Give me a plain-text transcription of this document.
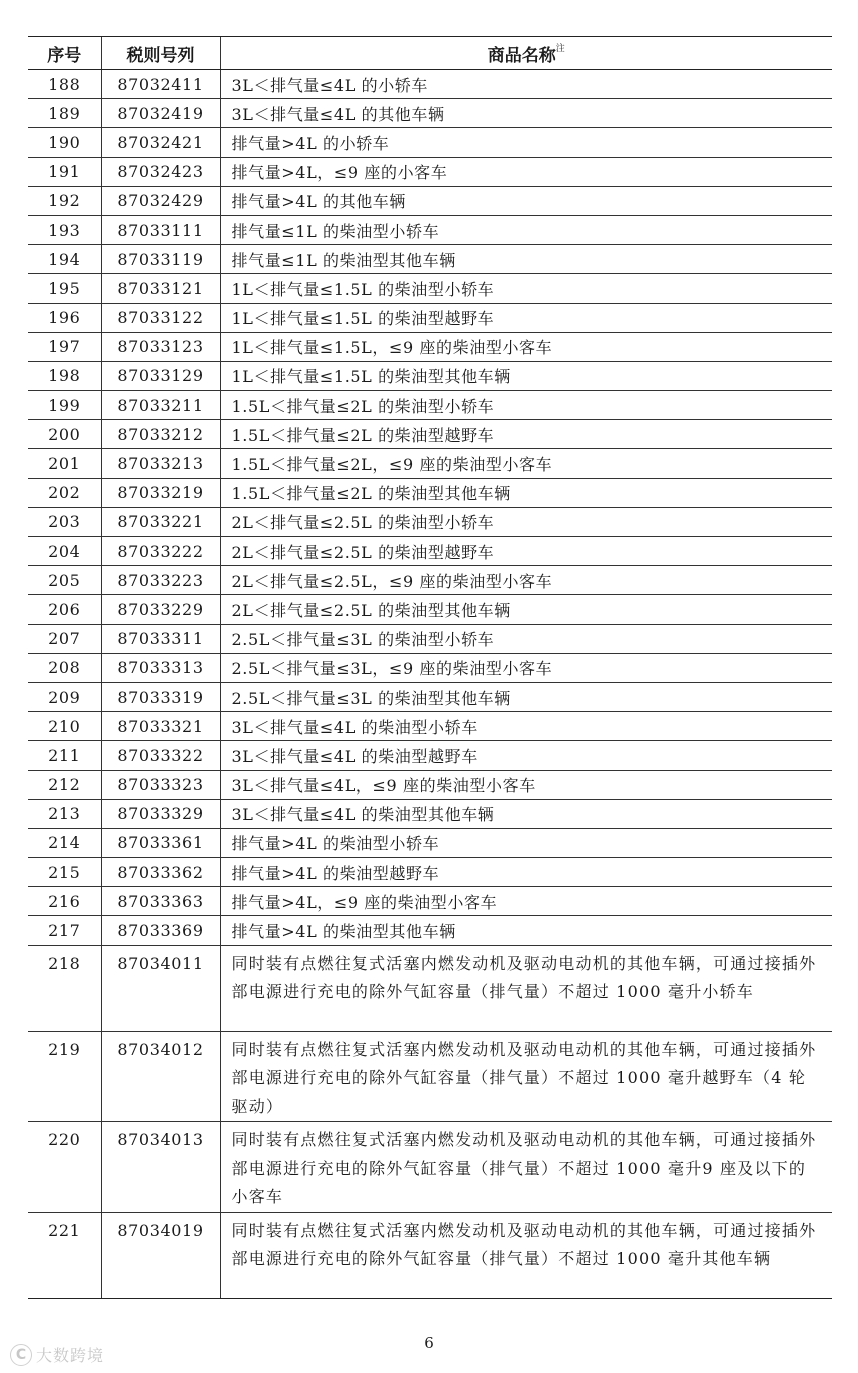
序号	税则号列	商品名称$^注$
188	87032411	3L＜排气量≤4L 的小轿车
189	87032419	3L＜排气量≤4L 的其他车辆
190	87032421	排气量>4L 的小轿车
191	87032423	排气量>4L，≤9 座的小客车
192	87032429	排气量>4L 的其他车辆
193	87033111	排气量≤1L 的柴油型小轿车
194	87033119	排气量≤1L 的柴油型其他车辆
195	87033121	1L＜排气量≤1.5L 的柴油型小轿车
196	87033122	1L＜排气量≤1.5L 的柴油型越野车
197	87033123	1L＜排气量≤1.5L，≤9 座的柴油型小客车
198	87033129	1L＜排气量≤1.5L 的柴油型其他车辆
199	87033211	1.5L＜排气量≤2L 的柴油型小轿车
200	87033212	1.5L＜排气量≤2L 的柴油型越野车
201	87033213	1.5L＜排气量≤2L，≤9 座的柴油型小客车
202	87033219	1.5L＜排气量≤2L 的柴油型其他车辆
203	87033221	2L＜排气量≤2.5L 的柴油型小轿车
204	87033222	2L＜排气量≤2.5L 的柴油型越野车
205	87033223	2L＜排气量≤2.5L，≤9 座的柴油型小客车
206	87033229	2L＜排气量≤2.5L 的柴油型其他车辆
207	87033311	2.5L＜排气量≤3L 的柴油型小轿车
208	87033313	2.5L＜排气量≤3L，≤9 座的柴油型小客车
209	87033319	2.5L＜排气量≤3L 的柴油型其他车辆
210	87033321	3L＜排气量≤4L 的柴油型小轿车
211	87033322	3L＜排气量≤4L 的柴油型越野车
212	87033323	3L＜排气量≤4L，≤9 座的柴油型小客车
213	87033329	3L＜排气量≤4L 的柴油型其他车辆
214	87033361	排气量>4L 的柴油型小轿车
215	87033362	排气量>4L 的柴油型越野车
216	87033363	排气量>4L，≤9 座的柴油型小客车
217	87033369	排气量>4L 的柴油型其他车辆
218	87034011	同时装有点燃往复式活塞内燃发动机及驱动电动机的其他车辆，可通过接插外部电源进行充电的除外气缸容量（排气量）不超过 1000 毫升小轿车
219	87034012	同时装有点燃往复式活塞内燃发动机及驱动电动机的其他车辆，可通过接插外部电源进行充电的除外气缸容量（排气量）不超过 1000 毫升越野车（4 轮驱动）
220	87034013	同时装有点燃往复式活塞内燃发动机及驱动电动机的其他车辆，可通过接插外部电源进行充电的除外气缸容量（排气量）不超过 1000 毫升9 座及以下的小客车
221	87034019	同时装有点燃往复式活塞内燃发动机及驱动电动机的其他车辆，可通过接插外部电源进行充电的除外气缸容量（排气量）不超过 1000 毫升其他车辆
6
C 大数跨境
